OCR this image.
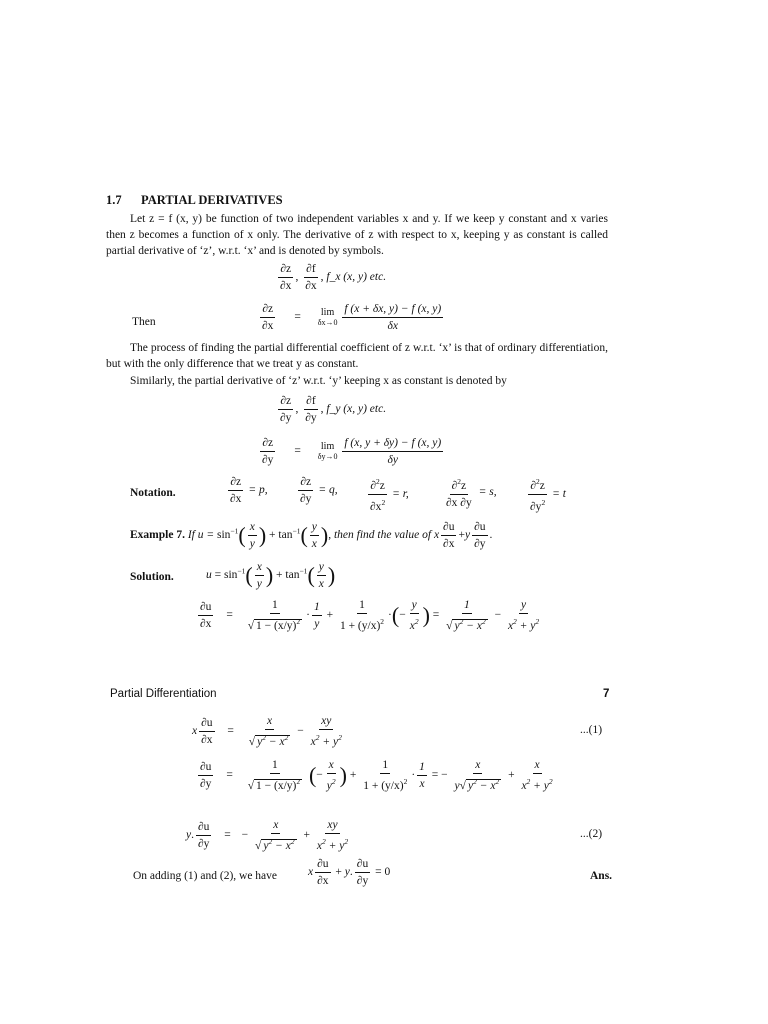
1.7 PARTIAL DERIVATIVES
Let z = f (x, y) be function of two independent variables x and y. If we keep y constant and x varies then z becomes a function of x only. The derivative of z with respect to x, keeping y as constant is called partial derivative of ‘z’, w.r.t. ‘x’ and is denoted by symbols.
$\frac{\partial z}{\partial x}$ , $\frac{\partial f}{\partial x}$ , f_x (x, y) etc.
Then	$\frac{\partial z}{\partial x} = \lim$
$\delta x\to 0 \frac{f (x + \delta x, y) - f (x, y)}{\delta x}$
The process of finding the partial differential coefficient of z w.r.t. ‘x’ is that of ordinary differentiation, but with the only difference that we treat y as constant.
Similarly, the partial derivative of ‘z’ w.r.t. ‘y’ keeping x as constant is denoted by
$\frac{\partial z}{\partial y}$ , $\frac{\partial f}{\partial y}$ , f_y (x, y) etc.
$\frac{\partial z}{\partial y} = \lim$
$\delta y\to 0 \frac{f (x, y + \delta y) - f (x, y)}{\delta y}$
Notation.	$\frac{\partial z}{\partial x} = p$,	$\frac{\partial z}{\partial y} = q$,	$\frac{\partial^2z}{\partial x^2} = r$,	$\frac{\partial^2z}{\partial x \partial y} = s$,	$\frac{\partial^2z}{\partial y^2} = t$
Example 7. If $u = \sin^{-1}( \frac{x}{y}$ ) + $\tan^{-1}( \frac{y}{x}$ ), then find the value of x $\frac{\partial u}{\partial x} +y \frac{\partial u}{\partial y}$ .
Solution.	$u = \sin^{-1}( \frac{x}{y}$ ) + $\tan^{-1}( \frac{y}{x}$ )
$\frac{\partial u}{\partial x} = \frac{1}{√ 1 - (x/y)^2} \cdot \frac{1}{y} + \frac{1}{1 + (y/x)^2}$ ·(− $\frac{y}{x^2}$ ) = $\frac{1}{√ y^2 - x^2} - \frac{y}{x^2 + y^2}$
Partial Differentiation	7
x $\frac{\partial u}{\partial x} = \frac{x}{√ y^2 - x^2} - \frac{xy}{x^2 + y^2}$	...(1)
$\frac{\partial u}{\partial y} = \frac{1}{√ 1 - (x/y)^2}$ (− $\frac{x}{y^2}$ ) + $\frac{1}{1 + (y/x)^2} \cdot \frac{1}{x}$ = − $\frac{x}{y√ y^2 - x^2} + \frac{x}{x^2 + y^2}$
y. $\frac{\partial u}{\partial y}$ = − $\frac{x}{√ y^2 - x^2} + \frac{xy}{x^2 + y^2}$	...(2)
On adding (1) and (2), we have	x $\frac{\partial u}{\partial x} + y$. $\frac{\partial u}{\partial y} = 0$	Ans.
